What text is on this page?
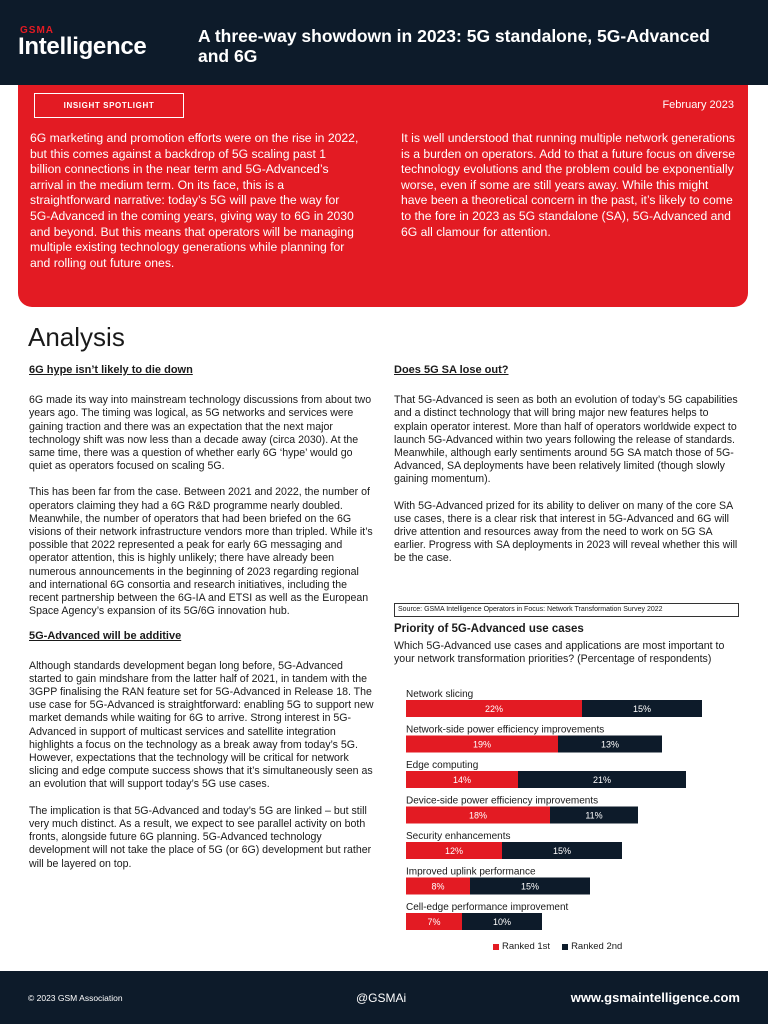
GSMA
Intelligence	A three-way showdown in 2023: 5G standalone, 5G-Advanced and 6G
INSIGHT SPOTLIGHT	February 2023
6G marketing and promotion efforts were on the rise in 2022, but this comes against a backdrop of 5G scaling past 1 billion connections in the near term and 5G-Advanced’s arrival in the medium term. On its face, this is a straightforward narrative: today’s 5G will pave the way for 5G-Advanced in the coming years, giving way to 6G in 2030 and beyond. But this means that operators will be managing multiple existing technology generations while planning for and rolling out future ones.
It is well understood that running multiple network generations is a burden on operators. Add to that a future focus on diverse technology evolutions and the problem could be exponentially worse, even if some are still years away. While this might have been a theoretical concern in the past, it’s likely to come to the fore in 2023 as 5G standalone (SA), 5G-Advanced and 6G all clamour for attention.
Analysis

6G hype isn’t likely to die down

6G made its way into mainstream technology discussions from about two years ago. The timing was logical, as 5G networks and services were gaining traction and there was an expectation that the next major technology shift was now less than a decade away (circa 2030). At the same time, there was a question of whether early 6G ‘hype’ would go quiet as operators focused on scaling 5G.

This has been far from the case. Between 2021 and 2022, the number of operators claiming they had a 6G R&D programme nearly doubled. Meanwhile, the number of operators that had been briefed on the 6G visions of their network infrastructure vendors more than tripled. While it’s possible that 2022 represented a peak for early 6G messaging and operator attention, this is highly unlikely; there have already been numerous announcements in the beginning of 2023 regarding regional and international 6G consortia and research initiatives, including the recent partnership between the 6G-IA and ETSI as well as the European Space Agency’s expansion of its 5G/6G innovation hub.

5G-Advanced will be additive

Although standards development began long before, 5G-Advanced started to gain mindshare from the latter half of 2021, in tandem with the 3GPP finalising the RAN feature set for 5G-Advanced in Release 18. The use case for 5G-Advanced is straightforward: enabling 5G to support new market demands while waiting for 6G to arrive. Strong interest in 5G-Advanced in support of multicast services and satellite integration highlights a focus on the technology as a break away from today’s 5G. However, expectations that the technology will be critical for network slicing and edge compute success shows that it’s simultaneously seen as an evolution that will support today’s 5G use cases.

The implication is that 5G-Advanced and today’s 5G are linked – but still very much distinct. As a result, we expect to see parallel activity on both fronts, alongside future 6G planning. 5G-Advanced technology development will not take the place of 5G (or 6G) development but rather will be layered on top.

Does 5G SA lose out?

That 5G-Advanced is seen as both an evolution of today’s 5G capabilities and a distinct technology that will bring major new features helps to explain operator interest. More than half of operators worldwide expect to launch 5G-Advanced within two years following the release of standards. Meanwhile, although early sentiments around 5G SA match those of 5G-Advanced, SA deployments have been relatively limited (though slowly gaining momentum).

With 5G-Advanced prized for its ability to deliver on many of the core SA use cases, there is a clear risk that interest in 5G-Advanced and 6G will drive attention and resources away from the need to work on 5G SA earlier. Progress with SA deployments in 2023 will reveal whether this will be the case.

Source: GSMA Intelligence Operators in Focus: Network Transformation Survey 2022
Priority of 5G-Advanced use cases
Which 5G-Advanced use cases and applications are most important to your network transformation priorities? (Percentage of respondents)
Network slicing
22%	15%
Network-side power efficiency improvements
19%	13%
Edge computing
14%	21%
Device-side power efficiency improvements
18%	11%
Security enhancements
12%	15%
Improved uplink performance
8%	15%
Cell-edge performance improvement
7%	10%
Ranked 1st Ranked 2nd
© 2023 GSM Association	@GSMAi	www.gsmaintelligence.com
